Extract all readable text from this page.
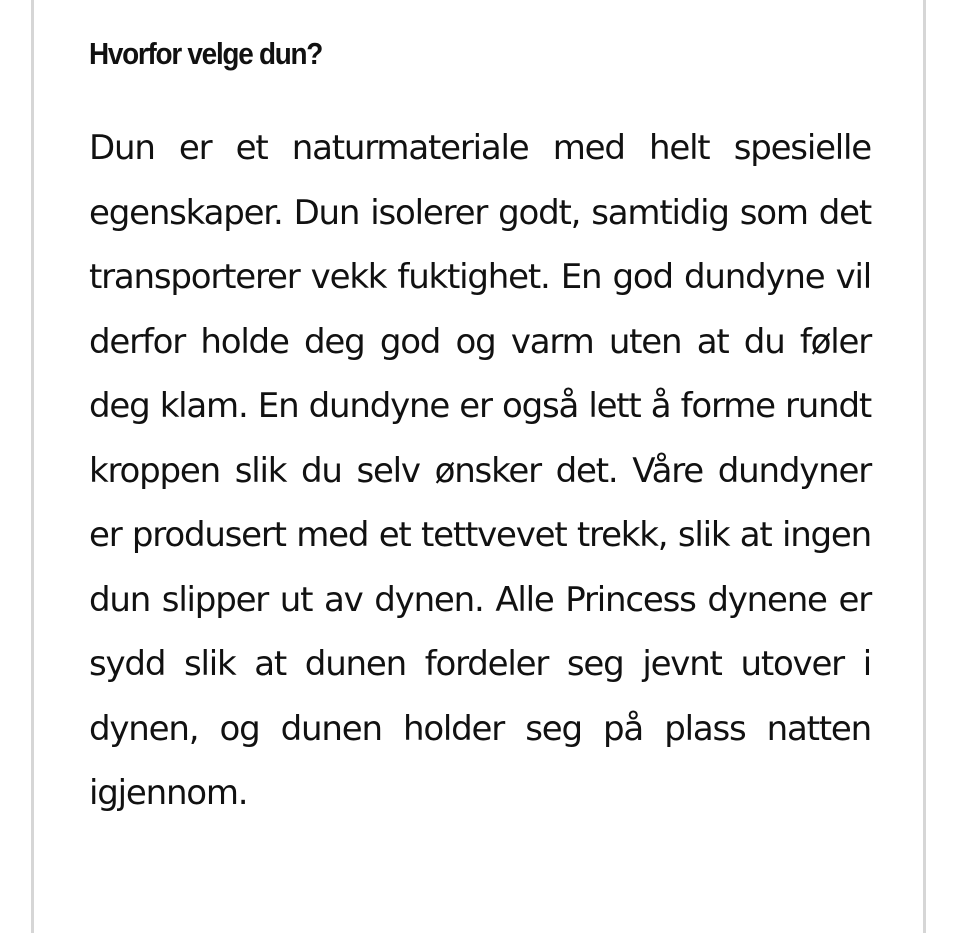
Hvorfor velge dun?

Dun er et naturmateriale med helt spesielle egenskaper. Dun isolerer godt, samtidig som det transporterer vekk fuktighet. En god dundyne vil derfor holde deg god og varm uten at du føler deg klam. En dundyne er også lett å forme rundt kroppen slik du selv ønsker det. Våre dundyner er produsert med et tettvevet trekk, slik at ingen dun slipper ut av dynen. Alle Princess dynene er sydd slik at dunen fordeler seg jevnt utover i dynen, og dunen holder seg på plass natten igjennom.
